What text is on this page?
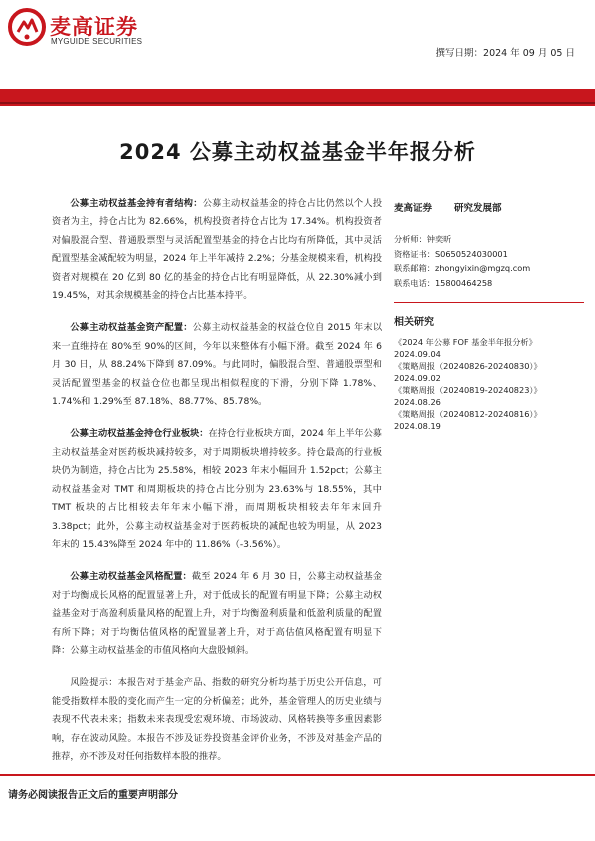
麦高证券
MYGUIDE SECURITIES
撰写日期：2024 年 09 月 05 日
2024 公募主动权益基金半年报分析

公募主动权益基金持有者结构：公募主动权益基金的持仓占比仍然以个人投资者为主，持仓占比为 82.66%，机构投资者持仓占比为 17.34%。机构投资者对偏股混合型、普通股票型与灵活配置型基金的持仓占比均有所降低，其中灵活配置型基金减配较为明显，2024 年上半年减持 2.2%；分基金规模来看，机构投资者对规模在 20 亿到 80 亿的基金的持仓占比有明显降低，从 22.30%减小到 19.45%，对其余规模基金的持仓占比基本持平。

公募主动权益基金资产配置：公募主动权益基金的权益仓位自 2015 年末以来一直维持在 80%至 90%的区间，今年以来整体有小幅下滑。截至 2024 年 6 月 30 日，从 88.24%下降到 87.09%。与此同时，偏股混合型、普通股票型和灵活配置型基金的权益仓位也都呈现出相似程度的下滑，分别下降 1.78%、1.74%和 1.29%至 87.18%、88.77%、85.78%。

公募主动权益基金持仓行业板块：在持仓行业板块方面，2024 年上半年公募主动权益基金对医药板块减持较多，对于周期板块增持较多。持仓最高的行业板块仍为制造，持仓占比为 25.58%，相较 2023 年末小幅回升 1.52pct；公募主动权益基金对 TMT 和周期板块的持仓占比分别为 23.63%与 18.55%，其中 TMT 板块的占比相较去年年末小幅下滑，而周期板块相较去年年末回升 3.38pct；此外，公募主动权益基金对于医药板块的减配也较为明显，从 2023 年末的 15.43%降至 2024 年中的 11.86%（-3.56%）。

公募主动权益基金风格配置：截至 2024 年 6 月 30 日，公募主动权益基金对于均衡成长风格的配置显著上升，对于低成长的配置有明显下降；公募主动权益基金对于高盈利质量风格的配置上升，对于均衡盈利质量和低盈利质量的配置有所下降；对于均衡估值风格的配置显著上升，对于高估值风格配置有明显下降：公募主动权益基金的市值风格向大盘股倾斜。

风险提示：本报告对于基金产品、指数的研究分析均基于历史公开信息，可能受指数样本股的变化而产生一定的分析偏差；此外，基金管理人的历史业绩与表现不代表未来；指数未来表现受宏观环境、市场波动、风格转换等多重因素影响，存在波动风险。本报告不涉及证券投资基金评价业务，不涉及对基金产品的推荐，亦不涉及对任何指数样本股的推荐。

麦高证券 研究发展部
分析师：钟奕昕
资格证书：S0650524030001
联系邮箱：zhongyixin@mgzq.com
联系电话：15800464258
相关研究
《2024 年公募 FOF 基金半年报分析》
2024.09.04
《策略周报（20240826-20240830）》
2024.09.02
《策略周报（20240819-20240823）》
2024.08.26
《策略周报（20240812-20240816）》
2024.08.19
请务必阅读报告正文后的重要声明部分
